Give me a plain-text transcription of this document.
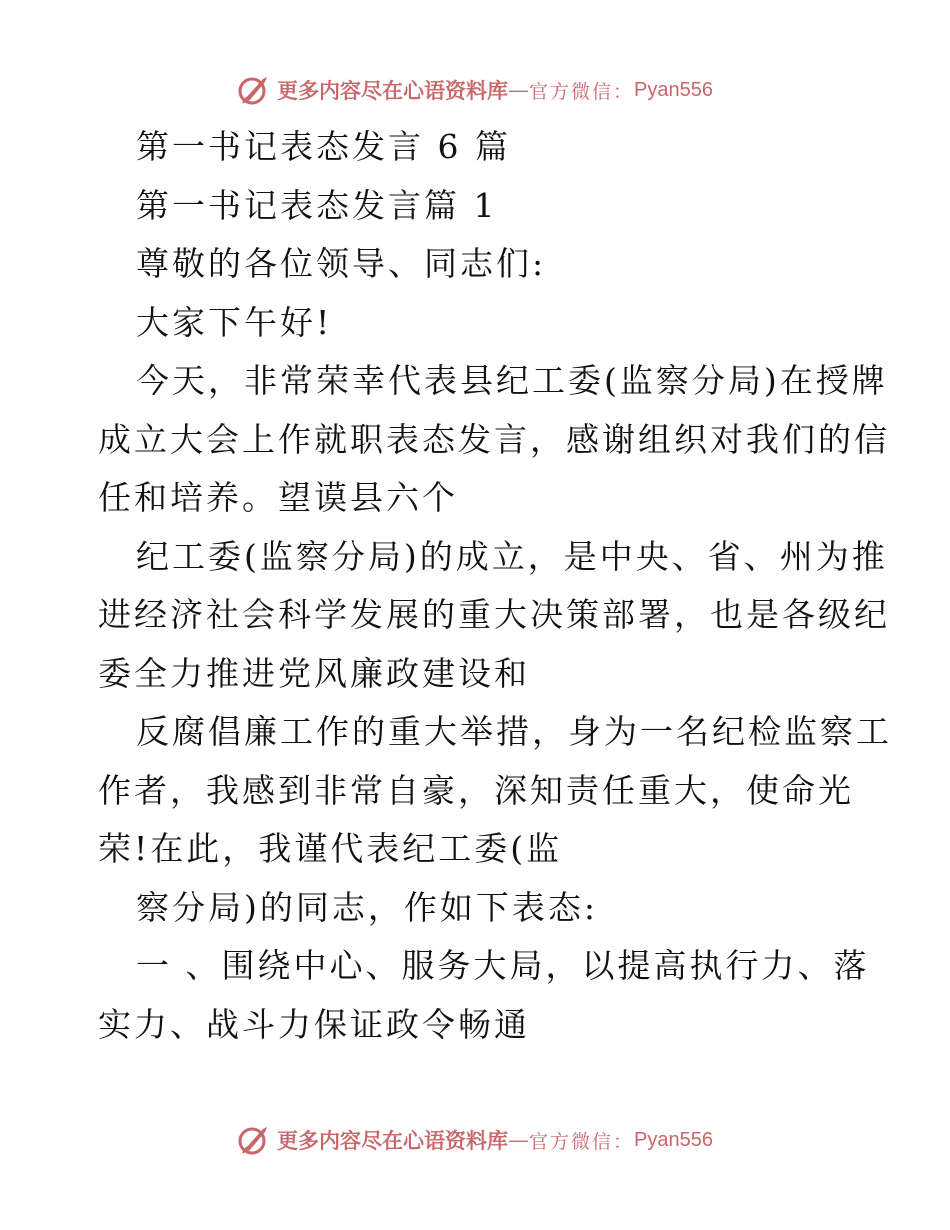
更多内容尽在心语资料库 — 官方微信： Pyan556
第一书记表态发言 6 篇
第一书记表态发言篇 1
尊敬的各位领导、同志们:
大家下午好!
今天，非常荣幸代表县纪工委(监察分局)在授牌
成立大会上作就职表态发言，感谢组织对我们的信
任和培养。望谟县六个
纪工委(监察分局)的成立，是中央、省、州为推
进经济社会科学发展的重大决策部署，也是各级纪
委全力推进党风廉政建设和
反腐倡廉工作的重大举措，身为一名纪检监察工
作者，我感到非常自豪，深知责任重大，使命光
荣!在此，我谨代表纪工委(监
察分局)的同志，作如下表态:
一 、围绕中心、服务大局，以提高执行力、落
实力、战斗力保证政令畅通
更多内容尽在心语资料库 — 官方微信： Pyan556
